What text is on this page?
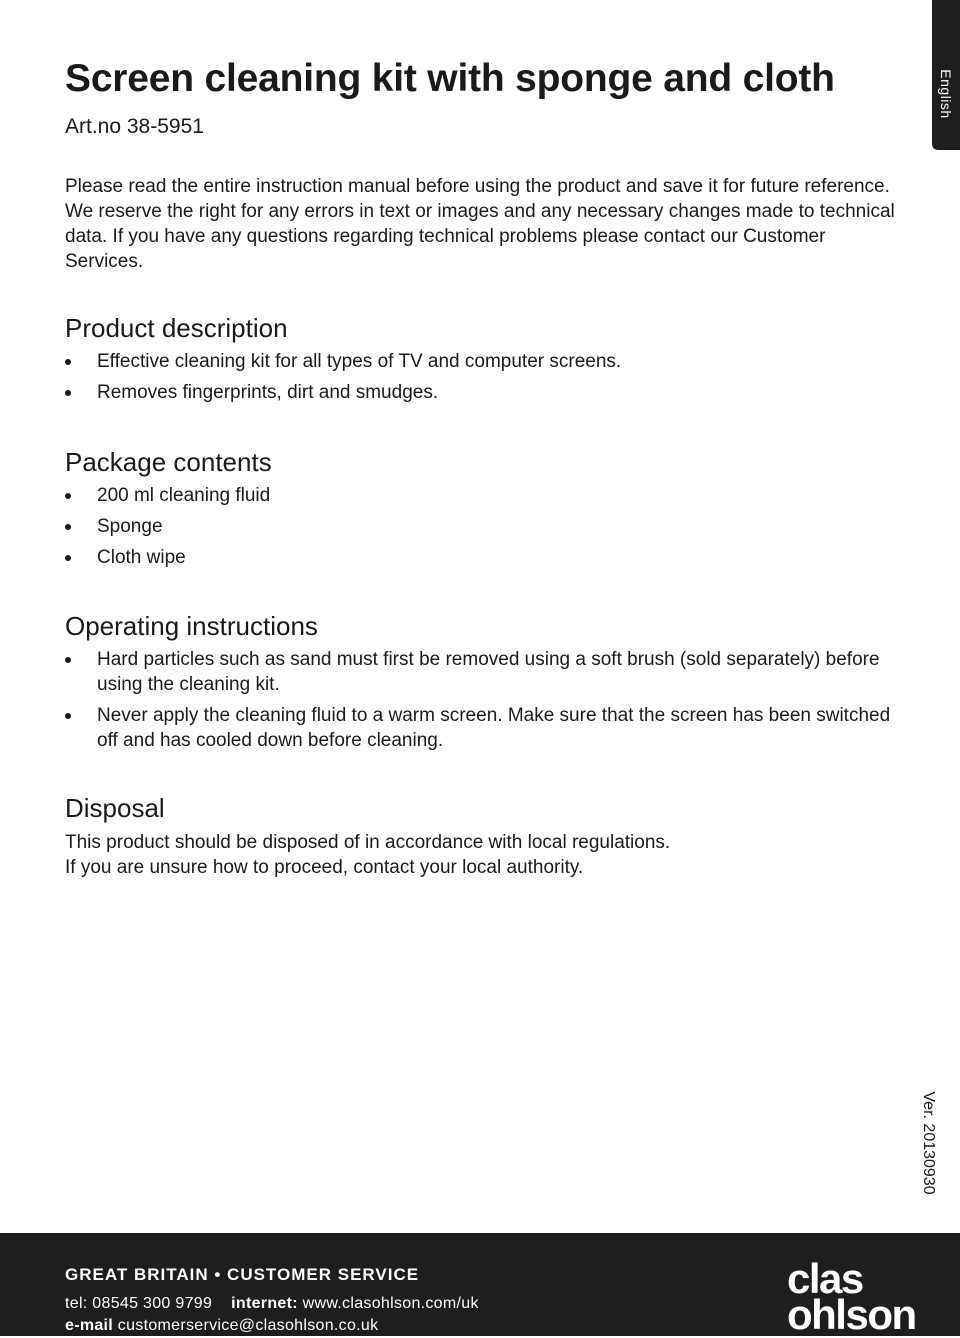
English
Screen cleaning kit with sponge and cloth
Art.no 38-5951

Please read the entire instruction manual before using the product and save it for future reference. We reserve the right for any errors in text or images and any necessary changes made to technical data. If you have any questions regarding technical problems please contact our Customer Services.

Product description
Effective cleaning kit for all types of TV and computer screens.
Removes fingerprints, dirt and smudges.
Package contents
200 ml cleaning fluid
Sponge
Cloth wipe
Operating instructions
Hard particles such as sand must first be removed using a soft brush (sold separately) before using the cleaning kit.
Never apply the cleaning fluid to a warm screen. Make sure that the screen has been switched off and has cooled down before cleaning.
Disposal

This product should be disposed of in accordance with local regulations.
If you are unsure how to proceed, contact your local authority.

Ver. 20130930
GREAT BRITAIN • CUSTOMER SERVICE
tel: 08545 300 9799 internet: www.clasohlson.com/uk
e-mail customerservice@clasohlson.co.uk
clas
ohlson
